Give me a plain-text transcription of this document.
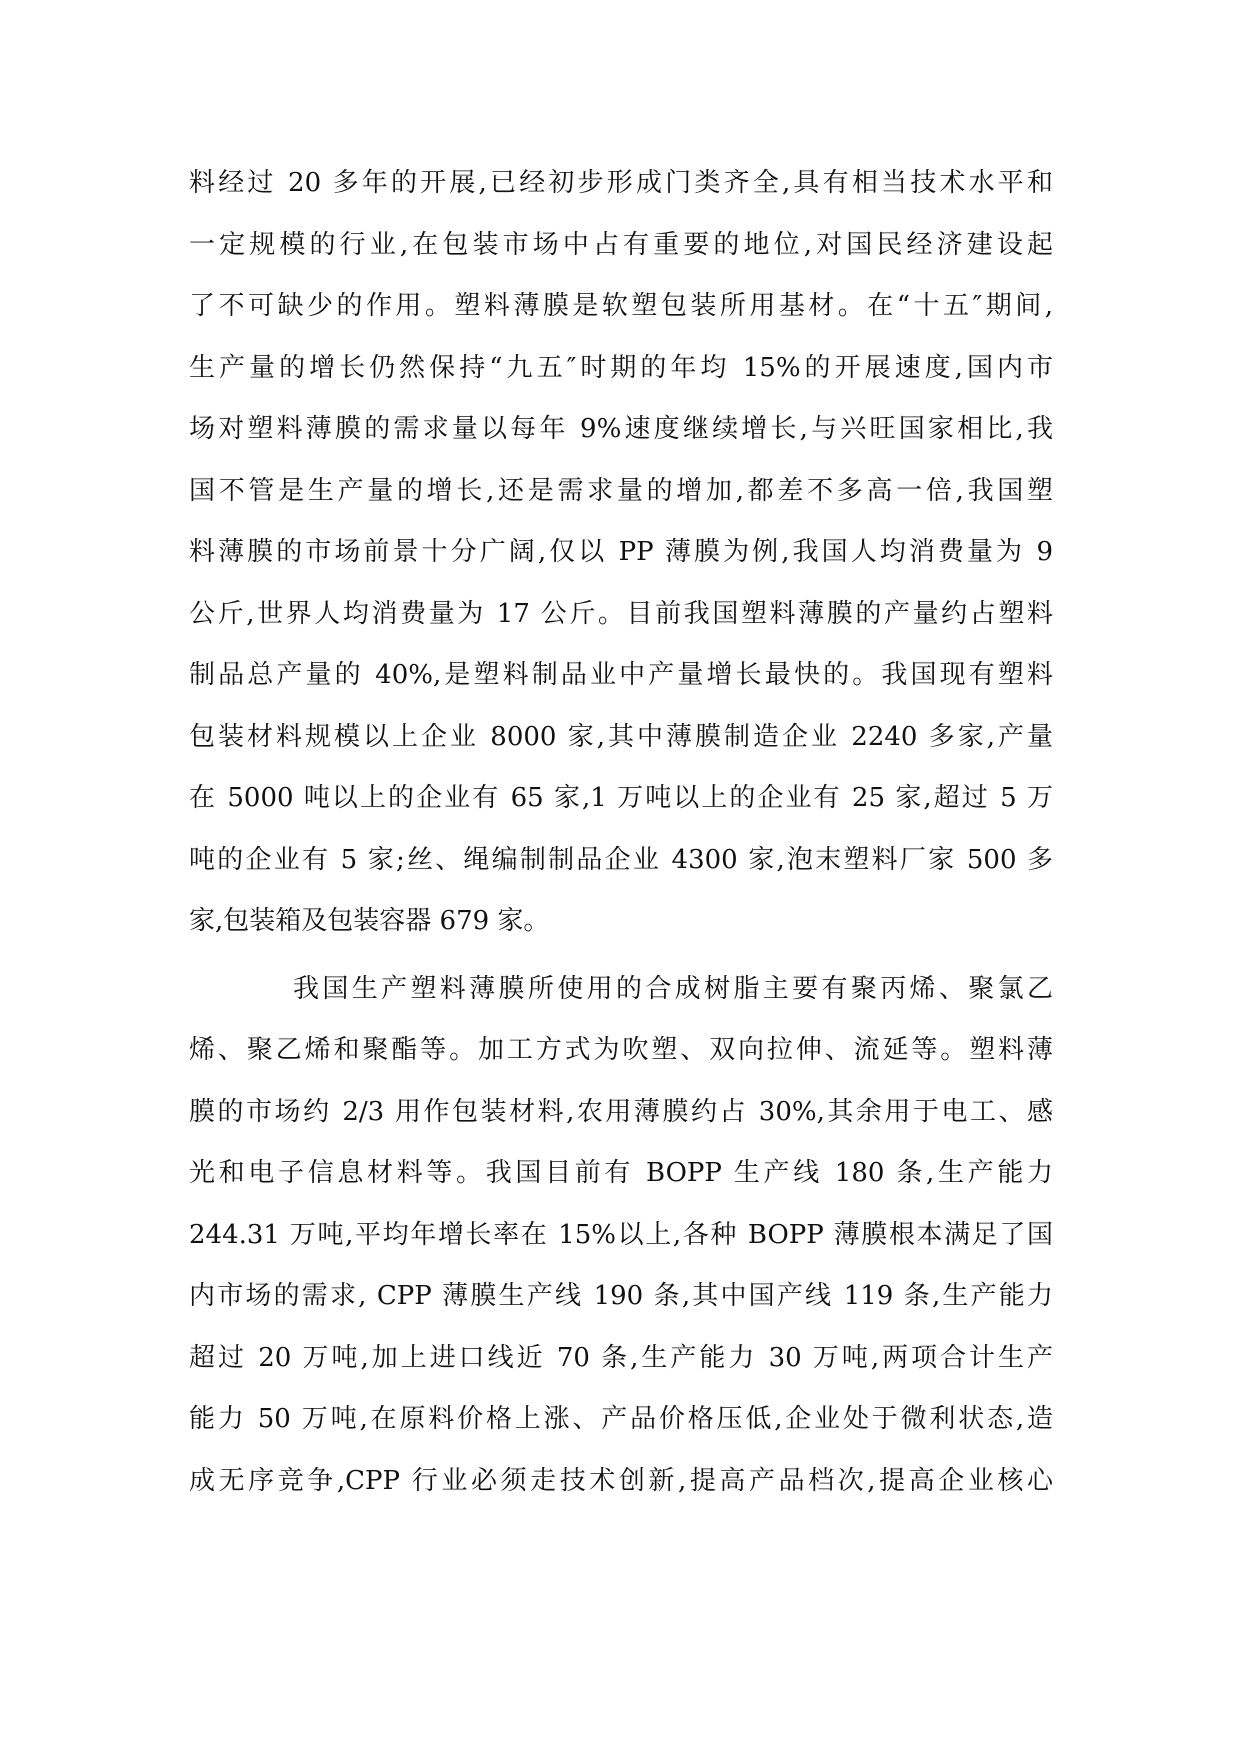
料经过 20 多年的开展,已经初步形成门类齐全,具有相当技术水平和
一定规模的行业,在包装市场中占有重要的地位,对国民经济建设起
了不可缺少的作用。塑料薄膜是软塑包装所用基材。在“十五″期间,
生产量的增长仍然保持“九五″时期的年均 15%的开展速度,国内市
场对塑料薄膜的需求量以每年 9%速度继续增长,与兴旺国家相比,我
国不管是生产量的增长,还是需求量的增加,都差不多高一倍,我国塑
料薄膜的市场前景十分广阔,仅以 PP 薄膜为例,我国人均消费量为 9
公斤,世界人均消费量为 17 公斤。目前我国塑料薄膜的产量约占塑料
制品总产量的 40%,是塑料制品业中产量增长最快的。我国现有塑料
包装材料规模以上企业 8000 家,其中薄膜制造企业 2240 多家,产量
在 5000 吨以上的企业有 65 家,1 万吨以上的企业有 25 家,超过 5 万
吨的企业有 5 家;丝、绳编制制品企业 4300 家,泡末塑料厂家 500 多
家,包装箱及包装容器 679 家。
我国生产塑料薄膜所使用的合成树脂主要有聚丙烯、聚氯乙
烯、聚乙烯和聚酯等。加工方式为吹塑、双向拉伸、流延等。塑料薄
膜的市场约 2/3 用作包装材料,农用薄膜约占 30%,其余用于电工、感
光和电子信息材料等。我国目前有 BOPP 生产线 180 条,生产能力
244.31 万吨,平均年增长率在 15%以上,各种 BOPP 薄膜根本满足了国
内市场的需求, CPP 薄膜生产线 190 条,其中国产线 119 条,生产能力
超过 20 万吨,加上进口线近 70 条,生产能力 30 万吨,两项合计生产
能力 50 万吨,在原料价格上涨、产品价格压低,企业处于微利状态,造
成无序竞争,CPP 行业必须走技术创新,提高产品档次,提高企业核心
